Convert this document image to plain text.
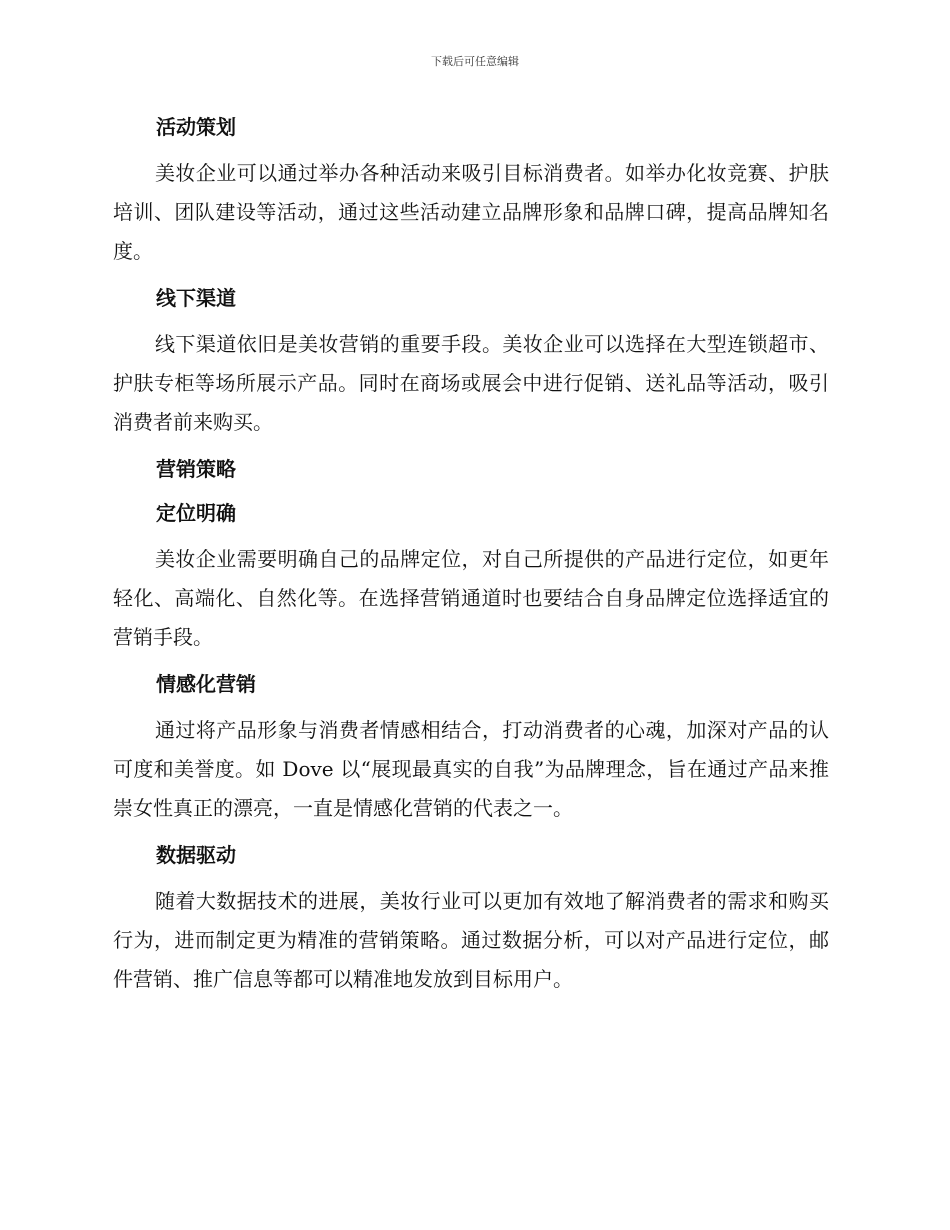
下载后可任意编辑
活动策划

美妆企业可以通过举办各种活动来吸引目标消费者。如举办化妆竞赛、护肤培训、团队建设等活动，通过这些活动建立品牌形象和品牌口碑，提高品牌知名度。

线下渠道

线下渠道依旧是美妆营销的重要手段。美妆企业可以选择在大型连锁超市、护肤专柜等场所展示产品。同时在商场或展会中进行促销、送礼品等活动，吸引消费者前来购买。

营销策略
定位明确

美妆企业需要明确自己的品牌定位，对自己所提供的产品进行定位，如更年轻化、高端化、自然化等。在选择营销通道时也要结合自身品牌定位选择适宜的营销手段。

情感化营销

通过将产品形象与消费者情感相结合，打动消费者的心魂，加深对产品的认可度和美誉度。如 Dove 以“展现最真实的自我”为品牌理念，旨在通过产品来推崇女性真正的漂亮，一直是情感化营销的代表之一。

数据驱动

随着大数据技术的进展，美妆行业可以更加有效地了解消费者的需求和购买行为，进而制定更为精准的营销策略。通过数据分析，可以对产品进行定位，邮件营销、推广信息等都可以精准地发放到目标用户。
